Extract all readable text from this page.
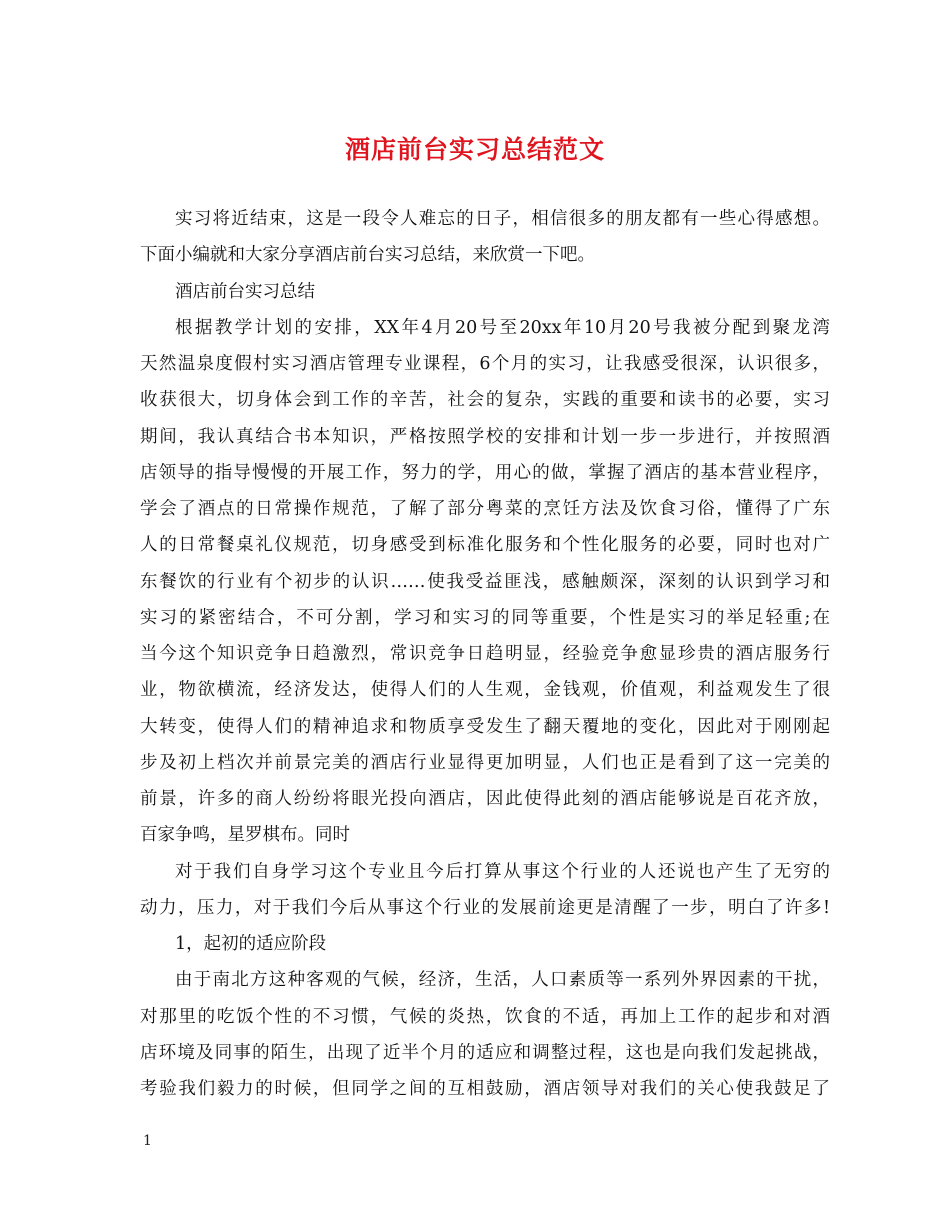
酒店前台实习总结范文
实习将近结束，这是一段令人难忘的日子，相信很多的朋友都有一些心得感想。
下面小编就和大家分享酒店前台实习总结，来欣赏一下吧。
酒店前台实习总结
根据教学计划的安排，XX年4月20号至20xx年10月20号我被分配到聚龙湾
天然温泉度假村实习酒店管理专业课程，6个月的实习，让我感受很深，认识很多，
收获很大，切身体会到工作的辛苦，社会的复杂，实践的重要和读书的必要，实习
期间，我认真结合书本知识，严格按照学校的安排和计划一步一步进行，并按照酒
店领导的指导慢慢的开展工作，努力的学，用心的做，掌握了酒店的基本营业程序，
学会了酒点的日常操作规范，了解了部分粤菜的烹饪方法及饮食习俗，懂得了广东
人的日常餐桌礼仪规范，切身感受到标准化服务和个性化服务的必要，同时也对广
东餐饮的行业有个初步的认识……使我受益匪浅，感触颇深，深刻的认识到学习和
实习的紧密结合，不可分割，学习和实习的同等重要，个性是实习的举足轻重;在
当今这个知识竞争日趋激烈，常识竞争日趋明显，经验竞争愈显珍贵的酒店服务行
业，物欲横流，经济发达，使得人们的人生观，金钱观，价值观，利益观发生了很
大转变，使得人们的精神追求和物质享受发生了翻天覆地的变化，因此对于刚刚起
步及初上档次并前景完美的酒店行业显得更加明显，人们也正是看到了这一完美的
前景，许多的商人纷纷将眼光投向酒店，因此使得此刻的酒店能够说是百花齐放，
百家争鸣，星罗棋布。同时
对于我们自身学习这个专业且今后打算从事这个行业的人还说也产生了无穷的
动力，压力，对于我们今后从事这个行业的发展前途更是清醒了一步，明白了许多!
1，起初的适应阶段
由于南北方这种客观的气候，经济，生活，人口素质等一系列外界因素的干扰，
对那里的吃饭个性的不习惯，气候的炎热，饮食的不适，再加上工作的起步和对酒
店环境及同事的陌生，出现了近半个月的适应和调整过程，这也是向我们发起挑战，
考验我们毅力的时候，但同学之间的互相鼓励，酒店领导对我们的关心使我鼓足了
1
